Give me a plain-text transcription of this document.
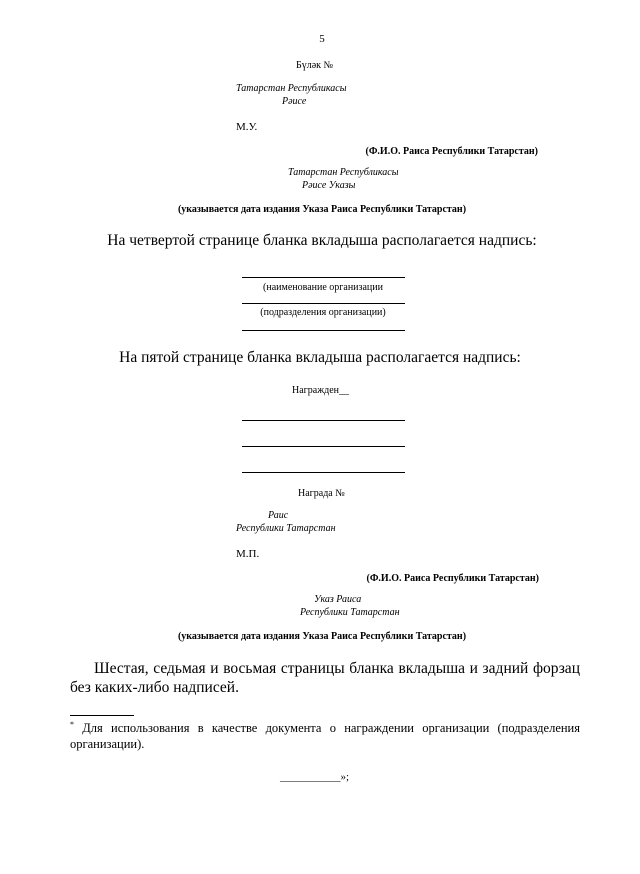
5
Бүләк №
Татарстан Республикасы
Рәисе
М.У.
(Ф.И.О. Раиса Республики Татарстан)
Татарстан Республикасы
Рәисе Указы
(указывается дата издания Указа Раиса Республики Татарстан)
На четвертой странице бланка вкладыша располагается надпись:
(наименование организации
(подразделения организации)
На пятой странице бланка вкладыша располагается надпись:
Награжден__
Награда №
Раис
Республики Татарстан
М.П.
(Ф.И.О. Раиса Республики Татарстан)
Указ Раиса
Республики Татарстан
(указывается дата издания Указа Раиса Республики Татарстан)
Шестая, седьмая и восьмая страницы бланка вкладыша и задний форзац без каких-либо надписей.
* Для использования в качестве документа о награждении организации (подразделения организации).
___________»;
